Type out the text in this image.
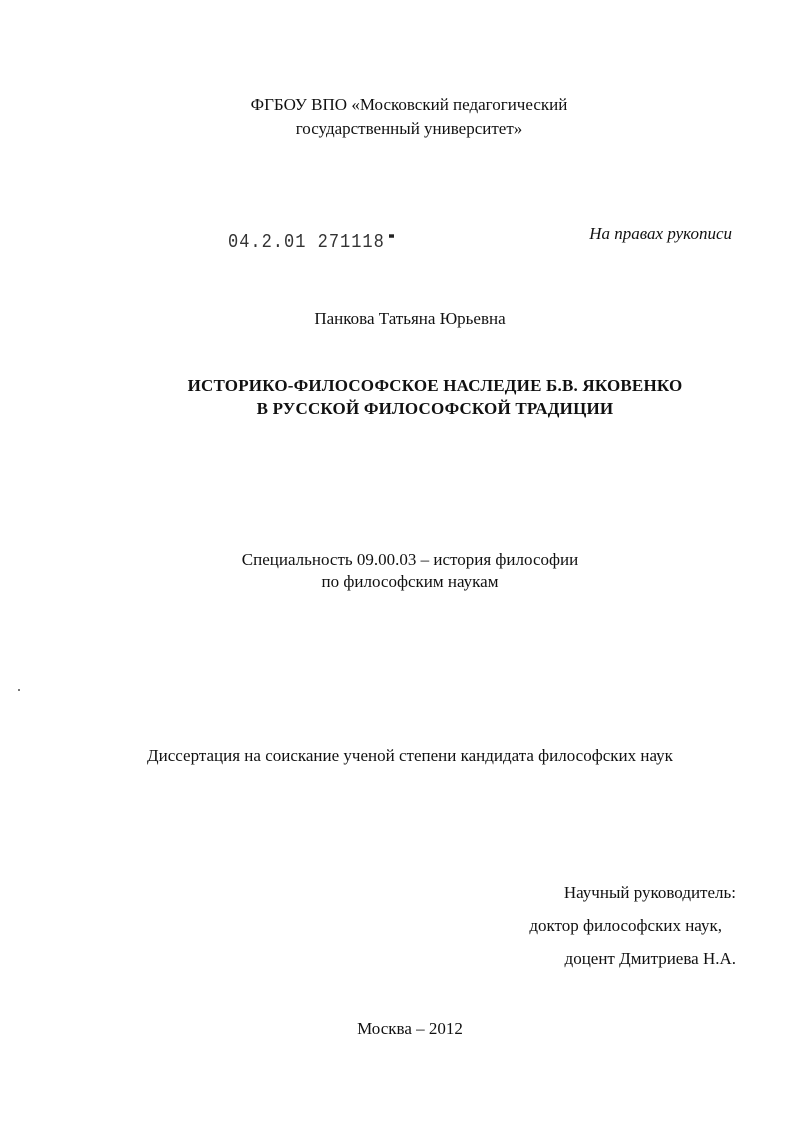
ФГБОУ ВПО «Московский педагогический
государственный университет»
04.2.01 271118	На правах рукописи
Панкова Татьяна Юрьевна
ИСТОРИКО-ФИЛОСОФСКОЕ НАСЛЕДИЕ Б.В. ЯКОВЕНКО
В РУССКОЙ ФИЛОСОФСКОЙ ТРАДИЦИИ
Специальность 09.00.03 – история философии
по философским наукам
Диссертация на соискание ученой степени кандидата философских наук
Научный руководитель:
доктор философских наук,
доцент Дмитриева Н.А.
Москва – 2012
